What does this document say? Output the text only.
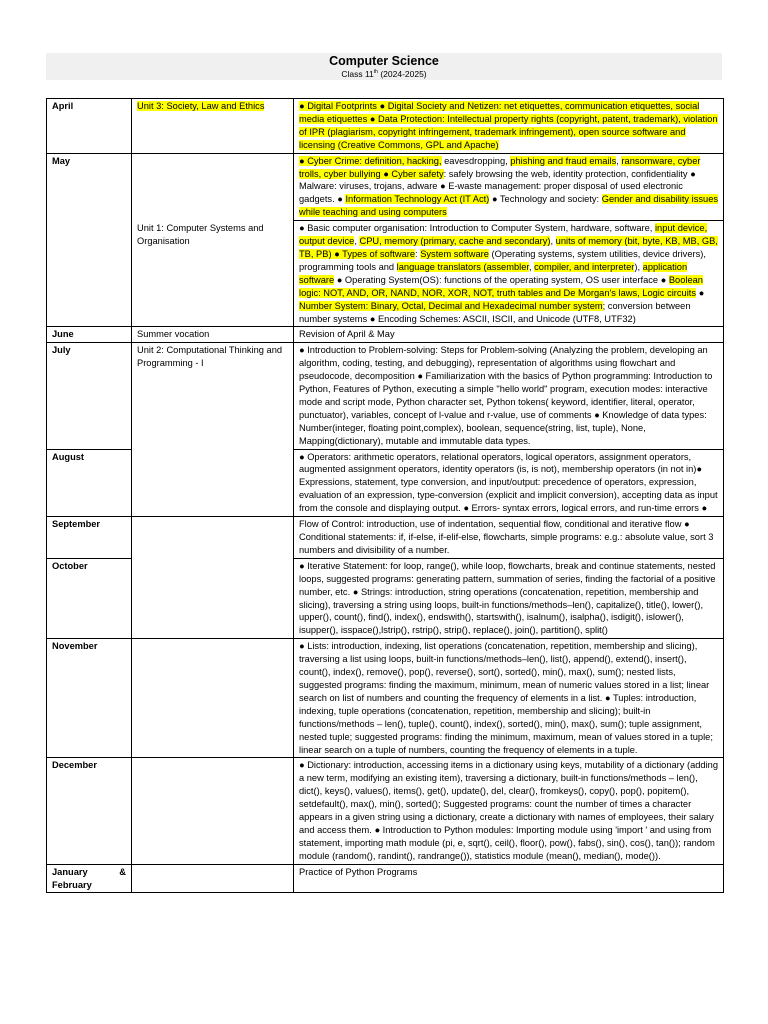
Computer Science
Class 11th (2024-2025)
April	Unit 3: Society, Law and Ethics	● Digital Footprints ● Digital Society and Netizen: net etiquettes, communication etiquettes, social media etiquettes ● Data Protection: Intellectual property rights (copyright, patent, trademark), violation of IPR (plagiarism, copyright infringement, trademark infringement), open source software and licensing (Creative Commons, GPL and Apache)
May		● Cyber Crime: definition, hacking, eavesdropping, phishing and fraud emails, ransomware, cyber trolls, cyber bullying ● Cyber safety: safely browsing the web, identity protection, confidentiality ● Malware: viruses, trojans, adware ● E-waste management: proper disposal of used electronic gadgets. ● Information Technology Act (IT Act) ● Technology and society: Gender and disability issues while teaching and using computers
	Unit 1: Computer Systems and Organisation	● Basic computer organisation: Introduction to Computer System, hardware, software, input device, output device, CPU, memory (primary, cache and secondary), units of memory (bit, byte, KB, MB, GB, TB, PB) ● Types of software: System software (Operating systems, system utilities, device drivers), programming tools and language translators (assembler, compiler, and interpreter), application software ● Operating System(OS): functions of the operating system, OS user interface ● Boolean logic: NOT, AND, OR, NAND, NOR, XOR, NOT, truth tables and De Morgan's laws, Logic circuits ● Number System: Binary, Octal, Decimal and Hexadecimal number system; conversion between number systems ● Encoding Schemes: ASCII, ISCII, and Unicode (UTF8, UTF32)
June	Summer vocation	Revision of April & May
July	Unit 2: Computational Thinking and Programming - I	● Introduction to Problem-solving: Steps for Problem-solving (Analyzing the problem, developing an algorithm, coding, testing, and debugging), representation of algorithms using flowchart and pseudocode, decomposition ● Familiarization with the basics of Python programming: Introduction to Python, Features of Python, executing a simple "hello world" program, execution modes: interactive mode and script mode, Python character set, Python tokens( keyword, identifier, literal, operator, punctuator), variables, concept of l-value and r-value, use of comments ● Knowledge of data types: Number(integer, floating point,complex), boolean, sequence(string, list, tuple), None, Mapping(dictionary), mutable and immutable data types.
August		● Operators: arithmetic operators, relational operators, logical operators, assignment operators, augmented assignment operators, identity operators (is, is not), membership operators (in not in)● Expressions, statement, type conversion, and input/output: precedence of operators, expression, evaluation of an expression, type-conversion (explicit and implicit conversion), accepting data as input from the console and displaying output. ● Errors- syntax errors, logical errors, and run-time errors ●
September		Flow of Control: introduction, use of indentation, sequential flow, conditional and iterative flow ● Conditional statements: if, if-else, if-elif-else, flowcharts, simple programs: e.g.: absolute value, sort 3 numbers and divisibility of a number.
October		● Iterative Statement: for loop, range(), while loop, flowcharts, break and continue statements, nested loops, suggested programs: generating pattern, summation of series, finding the factorial of a positive number, etc. ● Strings: introduction, string operations (concatenation, repetition, membership and slicing), traversing a string using loops, built-in functions/methods–len(), capitalize(), title(), lower(), upper(), count(), find(), index(), endswith(), startswith(), isalnum(), isalpha(), isdigit(), islower(), isupper(), isspace(),lstrip(), rstrip(), strip(), replace(), join(), partition(), split()
November		● Lists: introduction, indexing, list operations (concatenation, repetition, membership and slicing), traversing a list using loops, built-in functions/methods–len(), list(), append(), extend(), insert(), count(), index(), remove(), pop(), reverse(), sort(), sorted(), min(), max(), sum(); nested lists, suggested programs: finding the maximum, minimum, mean of numeric values stored in a list; linear search on list of numbers and counting the frequency of elements in a list. ● Tuples: introduction, indexing, tuple operations (concatenation, repetition, membership and slicing); built-in functions/methods – len(), tuple(), count(), index(), sorted(), min(), max(), sum(); tuple assignment, nested tuple; suggested programs: finding the minimum, maximum, mean of values stored in a tuple; linear search on a tuple of numbers, counting the frequency of elements in a tuple.
December		● Dictionary: introduction, accessing items in a dictionary using keys, mutability of a dictionary (adding a new term, modifying an existing item), traversing a dictionary, built-in functions/methods – len(), dict(), keys(), values(), items(), get(), update(), del, clear(), fromkeys(), copy(), pop(), popitem(), setdefault(), max(), min(), sorted(); Suggested programs: count the number of times a character appears in a given string using a dictionary, create a dictionary with names of employees, their salary and access them. ● Introduction to Python modules: Importing module using 'import ' and using from statement, importing math module (pi, e, sqrt(), ceil(), floor(), pow(), fabs(), sin(), cos(), tan()); random module (random(), randint(), randrange()), statistics module (mean(), median(), mode()).
January & February		Practice of Python Programs
